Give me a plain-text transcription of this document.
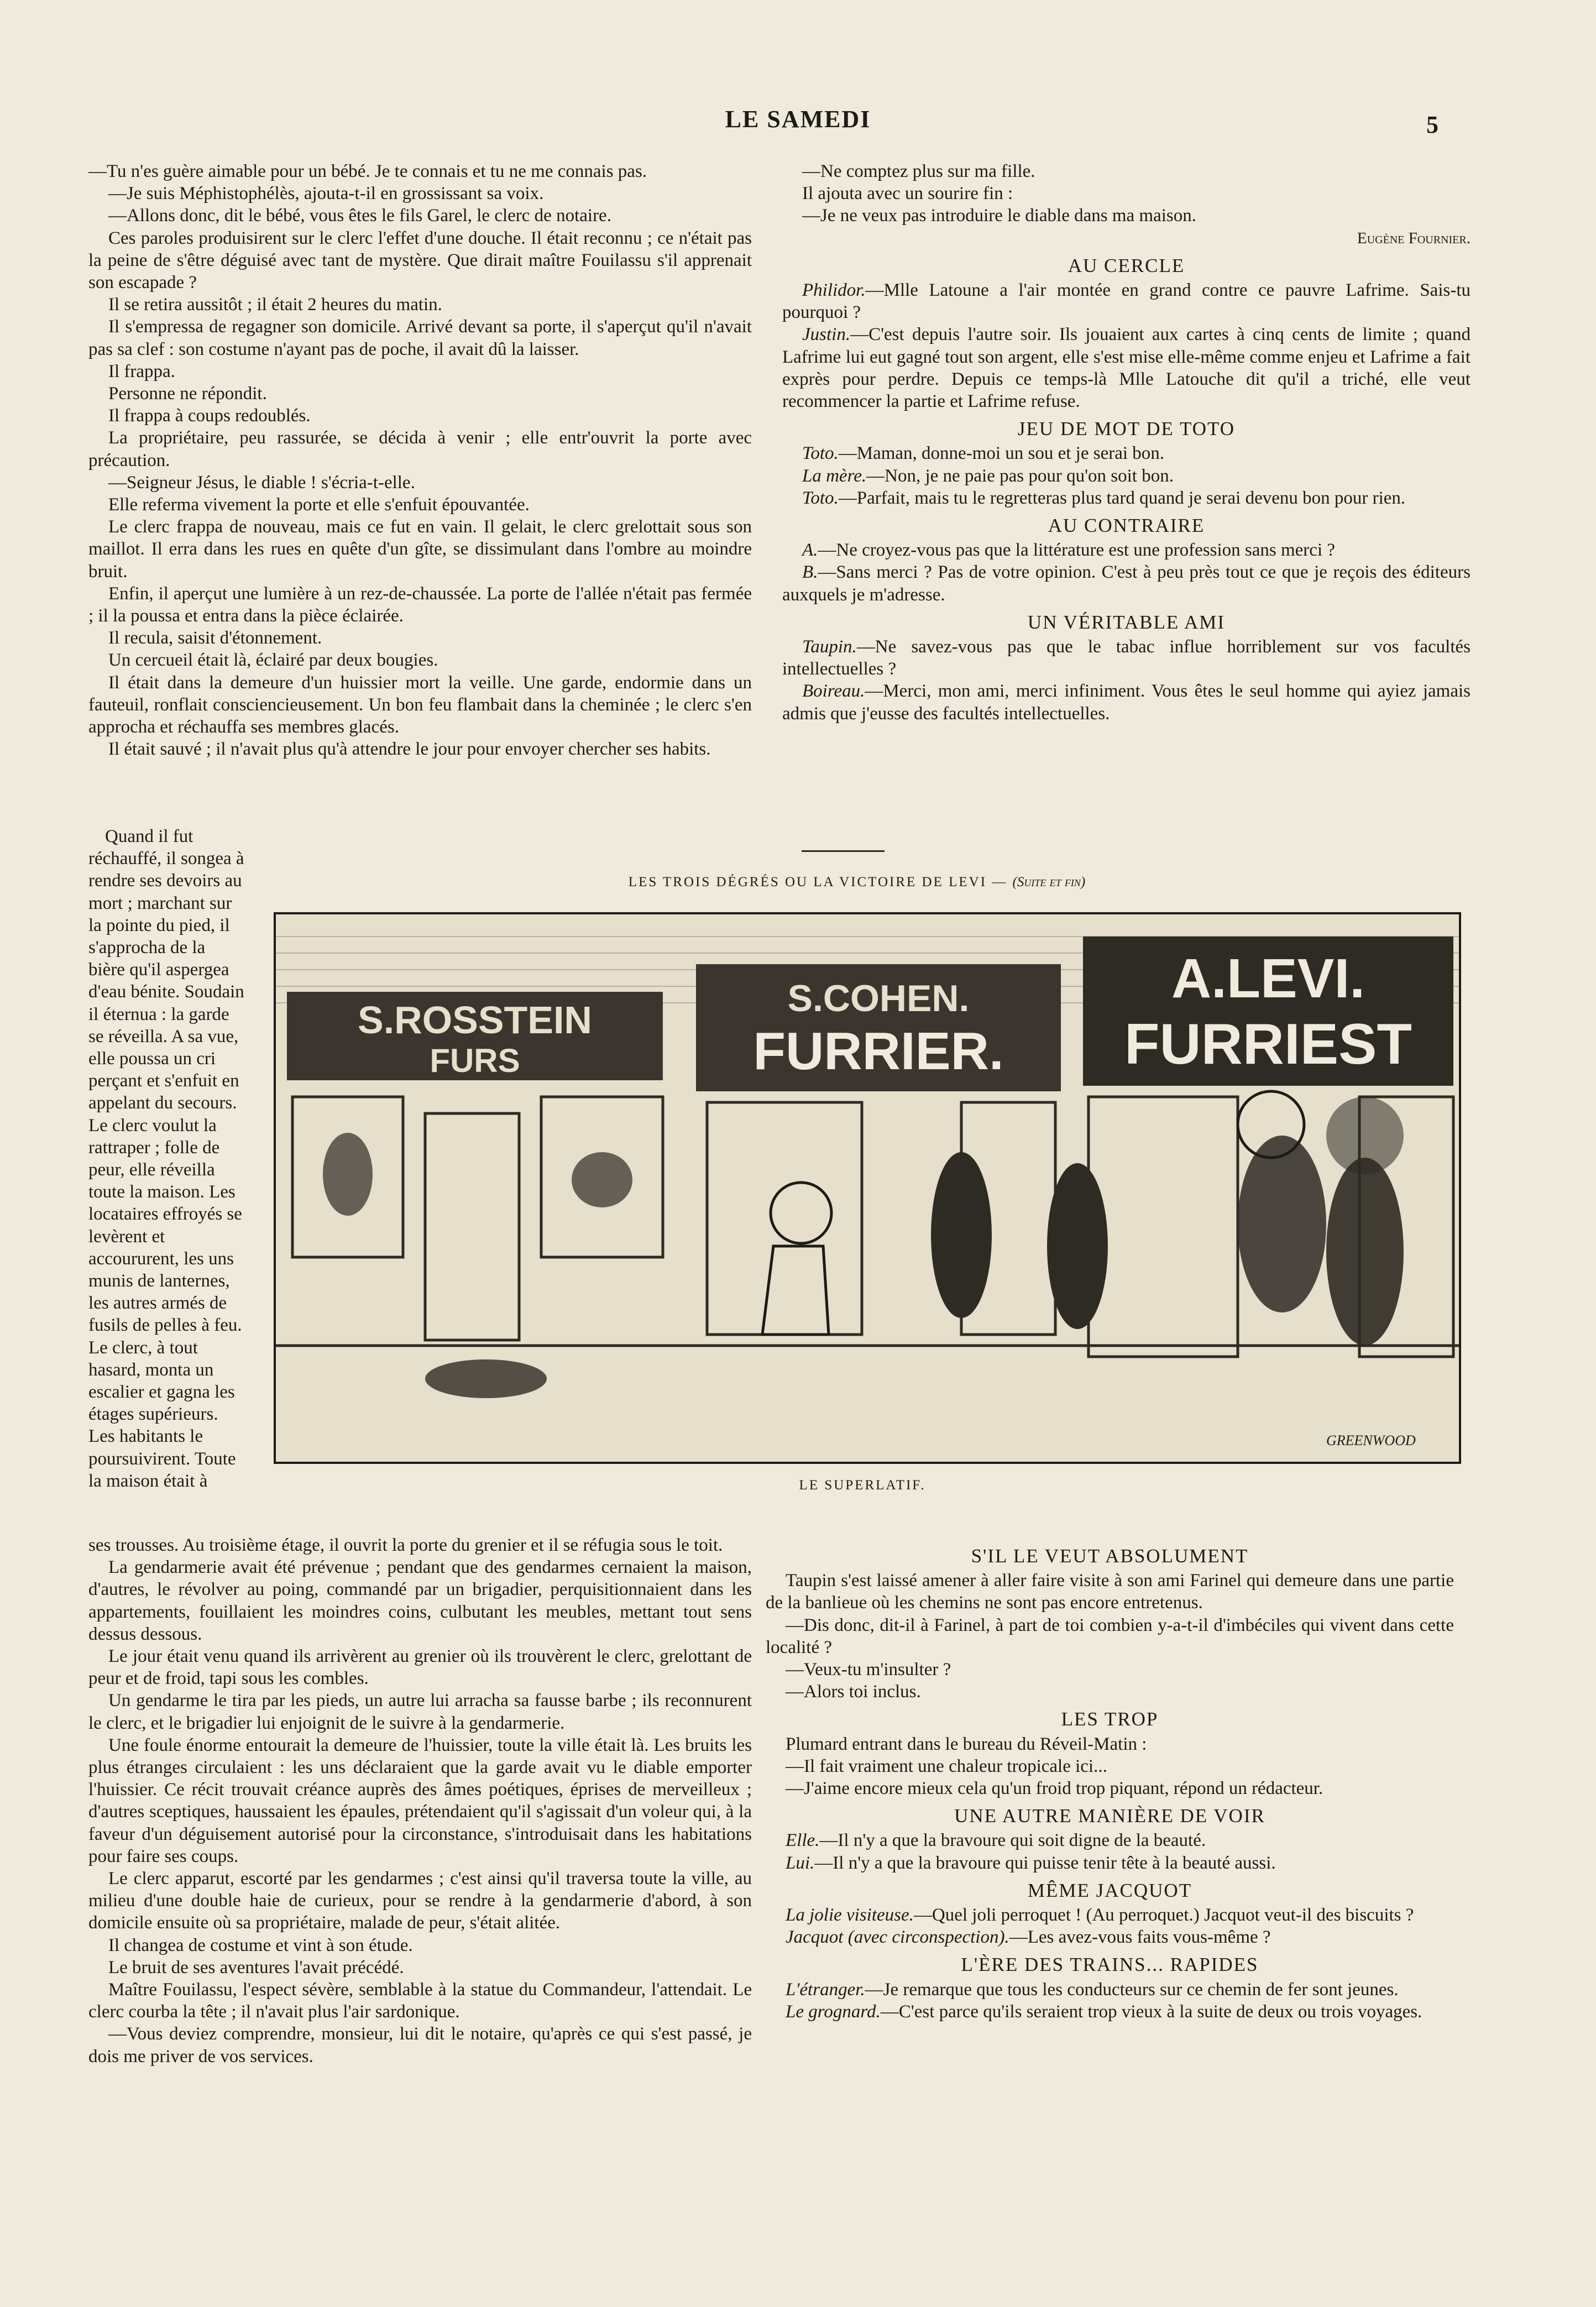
LE SAMEDI	5

—Tu n'es guère aimable pour un bébé. Je te connais et tu ne me connais pas.

—Je suis Méphistophélès, ajouta-t-il en grossissant sa voix.

—Allons donc, dit le bébé, vous êtes le fils Garel, le clerc de notaire.

Ces paroles produisirent sur le clerc l'effet d'une douche. Il était reconnu ; ce n'était pas la peine de s'être déguisé avec tant de mystère. Que dirait maître Fouilassu s'il apprenait son escapade ?

Il se retira aussitôt ; il était 2 heures du matin.

Il s'empressa de regagner son domicile. Arrivé devant sa porte, il s'aperçut qu'il n'avait pas sa clef : son costume n'ayant pas de poche, il avait dû la laisser.

Il frappa.

Personne ne répondit.

Il frappa à coups redoublés.

La propriétaire, peu rassurée, se décida à venir ; elle entr'ouvrit la porte avec précaution.

—Seigneur Jésus, le diable ! s'écria-t-elle.

Elle referma vivement la porte et elle s'enfuit épouvantée.

Le clerc frappa de nouveau, mais ce fut en vain. Il gelait, le clerc grelottait sous son maillot. Il erra dans les rues en quête d'un gîte, se dissimulant dans l'ombre au moindre bruit.

Enfin, il aperçut une lumière à un rez-de-chaussée. La porte de l'allée n'était pas fermée ; il la poussa et entra dans la pièce éclairée.

Il recula, saisit d'étonnement.

Un cercueil était là, éclairé par deux bougies.

Il était dans la demeure d'un huissier mort la veille. Une garde, endormie dans un fauteuil, ronflait consciencieusement. Un bon feu flambait dans la cheminée ; le clerc s'en approcha et réchauffa ses membres glacés.

Il était sauvé ; il n'avait plus qu'à attendre le jour pour envoyer chercher ses habits.

Quand il fut réchauffé, il songea à rendre ses devoirs au mort ; marchant sur la pointe du pied, il s'approcha de la bière qu'il aspergea d'eau bénite. Soudain il éternua : la garde se réveilla. A sa vue, elle poussa un cri perçant et s'enfuit en appelant du secours. Le clerc voulut la rattraper ; folle de peur, elle réveilla toute la maison. Les locataires effroyés se levèrent et accoururent, les uns munis de lanternes, les autres armés de fusils de pelles à feu. Le clerc, à tout hasard, monta un escalier et gagna les étages supérieurs. Les habitants le poursuivirent. Toute la maison était à

ses trousses. Au troisième étage, il ouvrit la porte du grenier et il se réfugia sous le toit.

La gendarmerie avait été prévenue ; pendant que des gendarmes cernaient la maison, d'autres, le révolver au poing, commandé par un brigadier, perquisitionnaient dans les appartements, fouillaient les moindres coins, culbutant les meubles, mettant tout sens dessus dessous.

Le jour était venu quand ils arrivèrent au grenier où ils trouvèrent le clerc, grelottant de peur et de froid, tapi sous les combles.

Un gendarme le tira par les pieds, un autre lui arracha sa fausse barbe ; ils reconnurent le clerc, et le brigadier lui enjoignit de le suivre à la gendarmerie.

Une foule énorme entourait la demeure de l'huissier, toute la ville était là. Les bruits les plus étranges circulaient : les uns déclaraient que la garde avait vu le diable emporter l'huissier. Ce récit trouvait créance auprès des âmes poétiques, éprises de merveilleux ; d'autres sceptiques, haussaient les épaules, prétendaient qu'il s'agissait d'un voleur qui, à la faveur d'un déguisement autorisé pour la circonstance, s'introduisait dans les habitations pour faire ses coups.

Le clerc apparut, escorté par les gendarmes ; c'est ainsi qu'il traversa toute la ville, au milieu d'une double haie de curieux, pour se rendre à la gendarmerie d'abord, à son domicile ensuite où sa propriétaire, malade de peur, s'était alitée.

Il changea de costume et vint à son étude.

Le bruit de ses aventures l'avait précédé.

Maître Fouilassu, l'espect sévère, semblable à la statue du Commandeur, l'attendait. Le clerc courba la tête ; il n'avait plus l'air sardonique.

—Vous deviez comprendre, monsieur, lui dit le notaire, qu'après ce qui s'est passé, je dois me priver de vos services.

—Ne comptez plus sur ma fille.

Il ajouta avec un sourire fin :

—Je ne veux pas introduire le diable dans ma maison.

Eugène Fournier.

AU CERCLE

Philidor.—Mlle Latoune a l'air montée en grand contre ce pauvre Lafrime. Sais-tu pourquoi ?

Justin.—C'est depuis l'autre soir. Ils jouaient aux cartes à cinq cents de limite ; quand Lafrime lui eut gagné tout son argent, elle s'est mise elle-même comme enjeu et Lafrime a fait exprès pour perdre. Depuis ce temps-là Mlle Latouche dit qu'il a triché, elle veut recommencer la partie et Lafrime refuse.

JEU DE MOT DE TOTO

Toto.—Maman, donne-moi un sou et je serai bon.

La mère.—Non, je ne paie pas pour qu'on soit bon.

Toto.—Parfait, mais tu le regretteras plus tard quand je serai devenu bon pour rien.

AU CONTRAIRE

A.—Ne croyez-vous pas que la littérature est une profession sans merci ?

B.—Sans merci ? Pas de votre opinion. C'est à peu près tout ce que je reçois des éditeurs auxquels je m'adresse.

UN VÉRITABLE AMI

Taupin.—Ne savez-vous pas que le tabac influe horriblement sur vos facultés intellectuelles ?

Boireau.—Merci, mon ami, merci infiniment. Vous êtes le seul homme qui ayiez jamais admis que j'eusse des facultés intellectuelles.

LES TROIS DÉGRÉS OU LA VICTOIRE DE LEVI — (Suite et fin)
S.ROSSTEIN
FURS
S.COHEN.
FURRIER.
A.LEVI.
FURRIEST
GREENWOOD
LE SUPERLATIF.
S'IL LE VEUT ABSOLUMENT

Taupin s'est laissé amener à aller faire visite à son ami Farinel qui demeure dans une partie de la banlieue où les chemins ne sont pas encore entretenus.

—Dis donc, dit-il à Farinel, à part de toi combien y-a-t-il d'imbéciles qui vivent dans cette localité ?

—Veux-tu m'insulter ?

—Alors toi inclus.

LES TROP

Plumard entrant dans le bureau du Réveil-Matin :

—Il fait vraiment une chaleur tropicale ici...

—J'aime encore mieux cela qu'un froid trop piquant, répond un rédacteur.

UNE AUTRE MANIÈRE DE VOIR

Elle.—Il n'y a que la bravoure qui soit digne de la beauté.

Lui.—Il n'y a que la bravoure qui puisse tenir tête à la beauté aussi.

MÊME JACQUOT

La jolie visiteuse.—Quel joli perroquet ! (Au perroquet.) Jacquot veut-il des biscuits ?

Jacquot (avec circonspection).—Les avez-vous faits vous-même ?

L'ÈRE DES TRAINS... RAPIDES

L'étranger.—Je remarque que tous les conducteurs sur ce chemin de fer sont jeunes.

Le grognard.—C'est parce qu'ils seraient trop vieux à la suite de deux ou trois voyages.
